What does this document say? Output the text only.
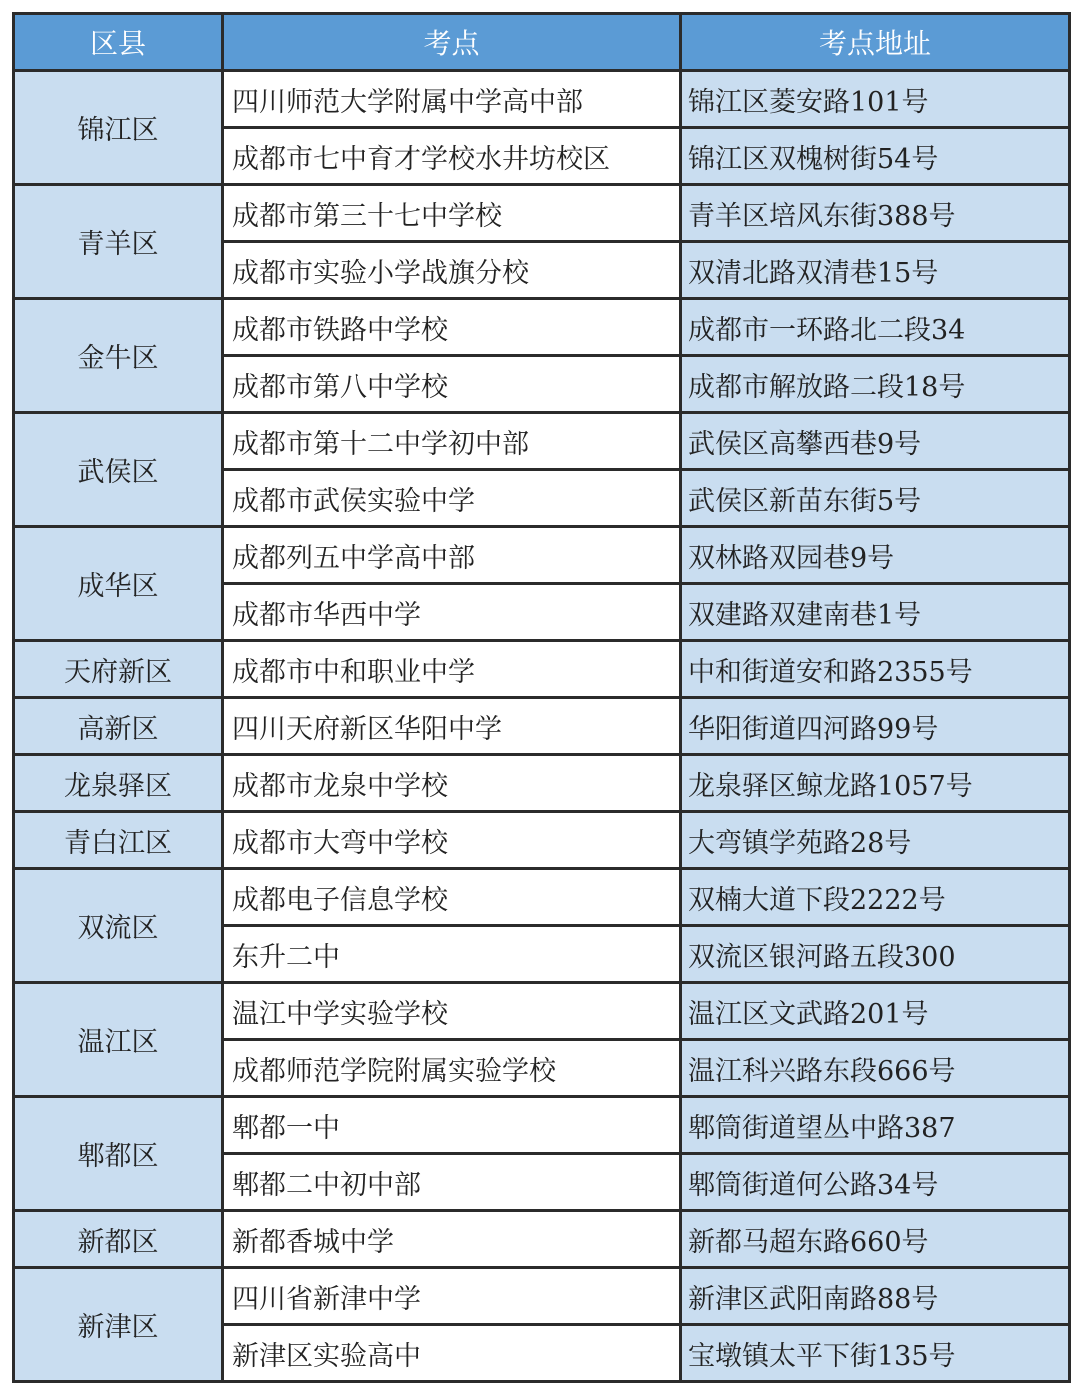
区县	考点	考点地址
锦江区	四川师范大学附属中学高中部	锦江区菱安路101号
	成都市七中育才学校水井坊校区	锦江区双槐树街54号
青羊区	成都市第三十七中学校	青羊区培风东街388号
	成都市实验小学战旗分校	双清北路双清巷15号
金牛区	成都市铁路中学校	成都市一环路北二段34
	成都市第八中学校	成都市解放路二段18号
武侯区	成都市第十二中学初中部	武侯区高攀西巷9号
	成都市武侯实验中学	武侯区新苗东街5号
成华区	成都列五中学高中部	双林路双园巷9号
	成都市华西中学	双建路双建南巷1号
天府新区	成都市中和职业中学	中和街道安和路2355号
高新区	四川天府新区华阳中学	华阳街道四河路99号
龙泉驿区	成都市龙泉中学校	龙泉驿区鲸龙路1057号
青白江区	成都市大弯中学校	大弯镇学苑路28号
双流区	成都电子信息学校	双楠大道下段2222号
	东升二中	双流区银河路五段300
温江区	温江中学实验学校	温江区文武路201号
	成都师范学院附属实验学校	温江科兴路东段666号
郫都区	郫都一中	郫筒街道望丛中路387
	郫都二中初中部	郫筒街道何公路34号
新都区	新都香城中学	新都马超东路660号
新津区	四川省新津中学	新津区武阳南路88号
	新津区实验高中	宝墩镇太平下街135号
